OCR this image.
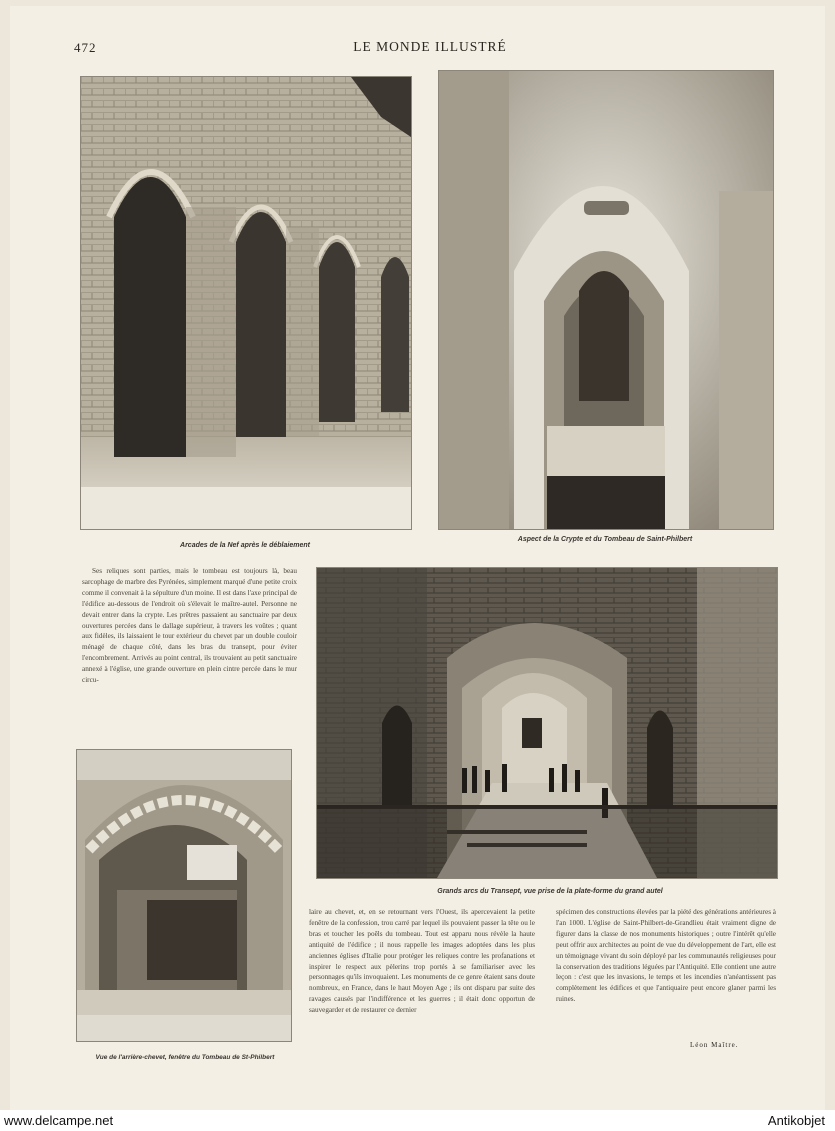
472	LE MONDE ILLUSTRÉ
Arcades de la Nef après le déblaiement
Aspect de la Crypte et du Tombeau de Saint-Philbert

Ses reliques sont parties, mais le tombeau est toujours là, beau sarcophage de marbre des Pyrénées, simplement marqué d'une petite croix comme il convenait à la sépulture d'un moine. Il est dans l'axe principal de l'édifice au-dessous de l'endroit où s'élevait le maître-autel. Personne ne devait entrer dans la crypte. Les prêtres passaient au sanctuaire par deux ouvertures percées dans le dallage supérieur, à travers les voûtes ; quant aux fidèles, ils laissaient le tour extérieur du chevet par un double couloir ménagé de chaque côté, dans les bras du transept, pour éviter l'encombrement. Arrivés au point central, ils trouvaient au petit sanctuaire annexé à l'église, une grande ouverture en plein cintre percée dans le mur circu-

Grands arcs du Transept, vue prise de la plate-forme du grand autel
Vue de l'arrière-chevet, fenêtre du Tombeau de St-Philbert

laire au chevet, et, en se retournant vers l'Ouest, ils apercevaient la petite fenêtre de la confession, trou carré par lequel ils pouvaient passer la tête ou le bras et toucher les poêls du tombeau. Tout est apparu nous révèle la haute antiquité de l'édifice ; il nous rappelle les images adoptées dans les plus anciennes églises d'Italie pour protéger les reliques contre les profanations et inspirer le respect aux pèlerins trop portés à se familiariser avec les personnages qu'ils invoquaient. Les monuments de ce genre étaient sans doute nombreux, en France, dans le haut Moyen Age ; ils ont disparu par suite des ravages causés par l'indifférence et les guerres ; il était donc opportun de sauvegarder et de restaurer ce dernier

spécimen des constructions élevées par la piété des générations antérieures à l'an 1000. L'église de Saint-Philbert-de-Grandlieu était vraiment digne de figurer dans la classe de nos monuments historiques ; outre l'intérêt qu'elle peut offrir aux architectes au point de vue du développement de l'art, elle est un témoignage vivant du soin déployé par les communautés religieuses pour la conservation des traditions léguées par l'Antiquité. Elle contient une autre leçon : c'est que les invasions, le temps et les incendies n'anéantissent pas complètement les édifices et que l'antiquaire peut encore glaner parmi les ruines.

Léon Maître.
www.delcampe.net	Antikobjet
